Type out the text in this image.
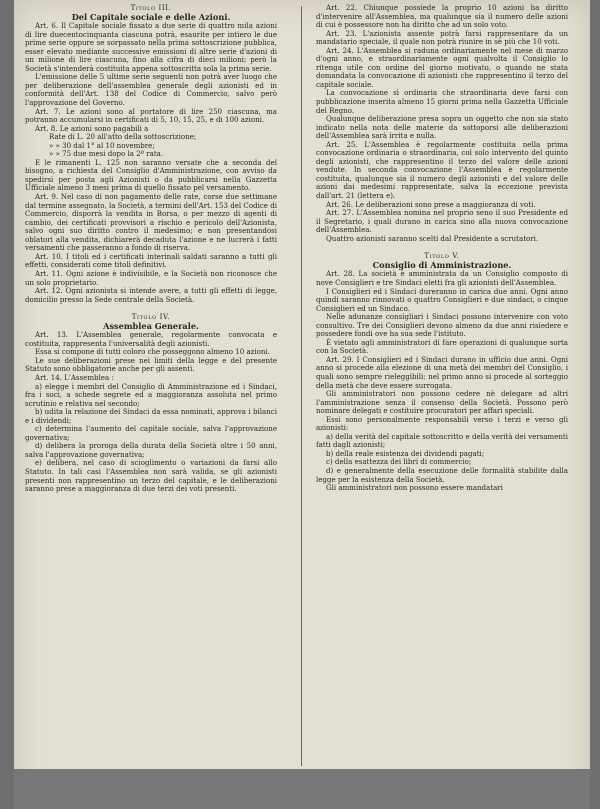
Titolo III.
Del Capitale sociale e delle Azioni.

Art. 6. Il Capitale sociale fissato a due serie di quattro mila azioni di lire duecentocinquanta ciascuna potrà, esaurite per intiero le due prime serie oppure se sorpassato nella prima sottoscrizione pubblica, esser elevato mediante successive emissioni di altre serie d'azioni di un milione di lire ciascuna, fino alla cifra di dieci milioni; però la Società s'intenderà costituita appena sottoscritta sola la prima serie.

L'emissione delle 5 ultime serie seguenti non potrà aver luogo che per deliberazione dell'assemblea generale degli azionisti ed in conformità dell'Art. 138 del Codice di Commercio, salvo però l'approvazione del Governo.

Art. 7. Le azioni sono al portatore di lire 250 ciascuna, ma potranno accumularsi in certificati di 5, 10, 15, 25, e di 100 azioni.

Art. 8. Le azioni sono pagabili a

Rate di L. 20 all'atto della sottoscrizione;

» » 30 dal 1° al 10 novembre;

» » 75 due mesi dopo la 2ª rata.

E le rimanenti L. 125 non saranno versate che a seconda del bisogno, a richiesta del Consiglio d'Amministrazione, con avviso da spedirsi per posta agli Azionisti o da pubblicarsi nella Gazzetta Ufficiale almeno 3 mesi prima di quello fissato pel versamento.

Art. 9. Nel caso di non pagamento delle rate, corse due settimane dal termine assegnato, la Società, a termini dell'Art. 153 del Codice di Commercio, disporrà la vendita in Borsa, o per mezzo di agenti di cambio, dei certificati provvisori a rischio e pericolo dell'Azionista, salvo ogni suo diritto contro il medesimo; e non presentandosi oblatori alla vendita, dichiarerà decaduta l'azione e ne lucrerà i fatti versamenti che passeranno a fondo di riserva.

Art. 10. I titoli ed i certificati interinali saldati saranno a tutti gli effetti, considerati come titoli definitivi.

Art. 11. Ogni azione è indivisibile, e la Società non riconosce che un solo proprietario.

Art. 12. Ogni azionista si intende avere, a tutti gli effetti di legge, domicilio presso la Sede centrale della Società.

Titolo IV.
Assemblea Generale.

Art. 13. L'Assemblea generale, regolarmente convocata e costituita, rappresenta l'universalità degli azionisti.

Essa si compone di tutti coloro che posseggono almeno 10 azioni.

Le sue deliberazioni prese nei limiti della legge e del presente Statuto sono obbligatorie anche per gli assenti.

Art. 14. L'Assemblea :

a) elegge i membri del Consiglio di Amministrazione ed i Sindaci, fra i soci, a schede segrete ed a maggioranza assoluta nel primo scrutinio e relativa nel secondo;

b) udita la relazione dei Sindaci da essa nominati, approva i bilanci e i dividendi;

c) determina l'aumento del capitale sociale, salva l'approvazione governativa;

d) delibera la proroga della durata della Società oltre i 50 anni, salva l'approvazione governativa;

e) delibera, nel caso di scioglimento o variazioni da farsi allo Statuto. In tali casi l'Assemblea non sarà valida, se gli azionisti presenti non rappresentino un terzo del capitale, e le deliberazioni saranno prese a maggioranza di due terzi dei voti presenti.

Art. 22. Chiunque possiede la proprio 10 azioni ha diritto d'intervenire all'Assemblea, ma qualunque sia il numero delle azioni di cui è possessore non ha diritto che ad un solo voto.

Art. 23. L'azionista assente potrà farsi rappresentare da un mandatario speciale, il quale non potrà riunire in sè più che 10 voti.

Art. 24. L'Assemblea si raduna ordinariamente nel mese di marzo d'ogni anno, e straordinariamente ogni qualvolta il Consiglio lo ritenga utile con ordine del giorno motivato, o quando ne stata domandata la convocazione di azionisti che rappresentino il terzo del capitale sociale.

La convocazione sì ordinaria che straordinaria deve farsi con pubblicazione inserita almeno 15 giorni prima nella Gazzetta Ufficiale del Regno.

Qualunque deliberazione presa sopra un oggetto che non sia stato indicato nella nota delle materie da sottoporsi alle deliberazioni dell'Assemblea sarà irrita e nulla.

Art. 25. L'Assemblea è regolarmente costituita nella prima convocazione ordinaria o straordinaria, col solo intervento del quinto degli azionisti, che rappresentino il terzo del valore delle azioni vendute. In seconda convocazione l'Assemblea è regolarmente costituita, qualunque sia il numero degli azionisti e del valore delle azioni dai medesimi rappresentate, salva la eccezione prevista dall'art. 21 (lettera e).

Art. 26. Le deliberazioni sono prese a maggioranza di voti.

Art. 27. L'Assemblea nomina nel proprio seno il suo Presidente ed il Segretario, i quali durano in carica sino alla nuova convocazione dell'Assemblea.

Quattro azionisti saranno scelti dal Presidente a scrutatori.

Titolo V.
Consiglio di Amministrazione.

Art. 28. La società è amministrata da un Consiglio composto di nove Consiglieri e tre Sindaci eletti fra gli azionisti dell'Assemblea.

I Consiglieri ed i Sindaci dureranno in carica due anni. Ogni anno quindi saranno rinnovati o quattro Consiglieri e due sindaci, o cinque Consiglieri ed un Sindaco.

Nelle adunanze consigliari i Sindaci possono intervenire con voto consultivo. Tre dei Consiglieri devono almeno da due anni risiedere e possedere fondi ove ha sua sede l'istituto.

È vietato agli amministratori di fare operazioni di qualunque sorta con la Società.

Art. 29. I Consiglieri ed i Sindaci durano in ufficio due anni. Ogni anno si procede alla elezione di una metà dei membri del Consiglio, i quali sono sempre rieleggibili; nel primo anno si procede al sorteggio della metà che deve essere surrogata.

Gli amministratori non possono cedere nè delegare ad altri l'amministrazione senza il consenso della Società. Possono però nominare delegati e costituire procuratori per affari speciali.

Essi sono personalmente responsabili verso i terzi e verso gli azionisti:

a) della verità del capitale sottoscritto e della verità dei versamenti fatti dagli azionisti;

b) della reale esistenza dei dividendi pagati;

c) della esattezza dei libri di commercio;

d) e generalmente della esecuzione delle formalità stabilite dalla legge per la esistenza della Società.

Gli amministratori non possono essere mandatari
